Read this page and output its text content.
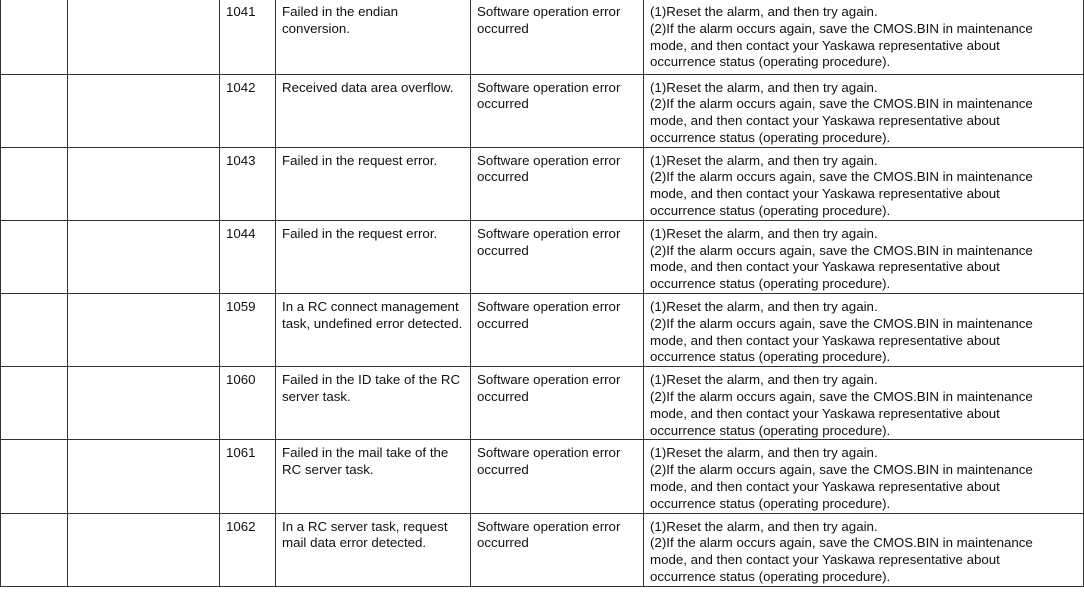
		1041	Failed in the endian conversion.	Software operation error occurred	(1)Reset the alarm, and then try again.
(2)If the alarm occurs again, save the CMOS.BIN in maintenance
mode, and then contact your Yaskawa representative about
occurrence status (operating procedure).

		1042	Received data area overflow.	Software operation error occurred	(1)Reset the alarm, and then try again.
(2)If the alarm occurs again, save the CMOS.BIN in maintenance
mode, and then contact your Yaskawa representative about
occurrence status (operating procedure).

		1043	Failed in the request error.	Software operation error occurred	(1)Reset the alarm, and then try again.
(2)If the alarm occurs again, save the CMOS.BIN in maintenance
mode, and then contact your Yaskawa representative about
occurrence status (operating procedure).

		1044	Failed in the request error.	Software operation error occurred	(1)Reset the alarm, and then try again.
(2)If the alarm occurs again, save the CMOS.BIN in maintenance
mode, and then contact your Yaskawa representative about
occurrence status (operating procedure).

		1059	In a RC connect management task, undefined error detected.	Software operation error occurred	(1)Reset the alarm, and then try again.
(2)If the alarm occurs again, save the CMOS.BIN in maintenance
mode, and then contact your Yaskawa representative about
occurrence status (operating procedure).

		1060	Failed in the ID take of the RC server task.	Software operation error occurred	(1)Reset the alarm, and then try again.
(2)If the alarm occurs again, save the CMOS.BIN in maintenance
mode, and then contact your Yaskawa representative about
occurrence status (operating procedure).

		1061	Failed in the mail take of the RC server task.	Software operation error occurred	(1)Reset the alarm, and then try again.
(2)If the alarm occurs again, save the CMOS.BIN in maintenance
mode, and then contact your Yaskawa representative about
occurrence status (operating procedure).

		1062	In a RC server task, request mail data error detected.	Software operation error occurred	(1)Reset the alarm, and then try again.
(2)If the alarm occurs again, save the CMOS.BIN in maintenance
mode, and then contact your Yaskawa representative about
occurrence status (operating procedure).
